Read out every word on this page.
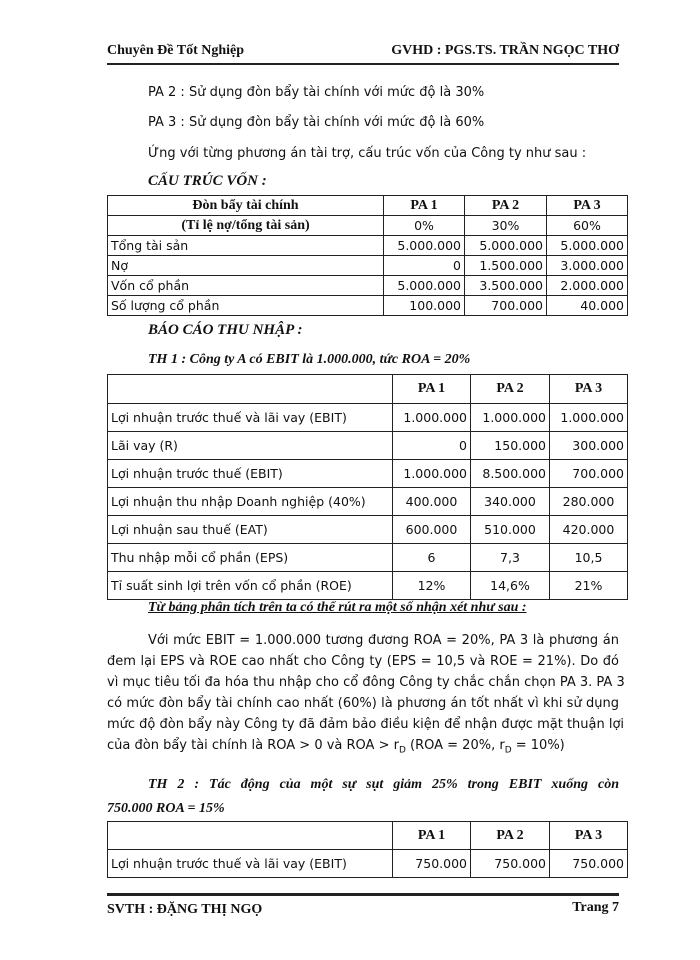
Chuyên Đề Tốt Nghiệp	GVHD : PGS.TS. TRẦN NGỌC THƠ
PA 2 : Sử dụng đòn bẩy tài chính với mức độ là 30%
PA 3 : Sử dụng đòn bẩy tài chính với mức độ là 60%
Ứng với từng phương án tài trợ, cấu trúc vốn của Công ty như sau :
CẤU TRÚC VỐN :
Đòn bẩy tài chính	PA 1	PA 2	PA 3
(Tỉ lệ nợ/tổng tài sản)	0%	30%	60%
Tổng tài sản	5.000.000	5.000.000	5.000.000
Nợ	0	1.500.000	3.000.000
Vốn cổ phần	5.000.000	3.500.000	2.000.000
Số lượng cổ phần	100.000	700.000	40.000
BÁO CÁO THU NHẬP :
TH 1 : Công ty A có EBIT là 1.000.000, tức ROA = 20%
	PA 1	PA 2	PA 3
Lợi nhuận trước thuế và lãi vay (EBIT)	1.000.000	1.000.000	1.000.000
Lãi vay (R)	0	150.000	300.000
Lợi nhuận trước thuế (EBIT)	1.000.000	8.500.000	700.000
Lợi nhuận thu nhập Doanh nghiệp (40%)	400.000	340.000	280.000
Lợi nhuận sau thuế (EAT)	600.000	510.000	420.000
Thu nhập mỗi cổ phần (EPS)	6	7,3	10,5
Tỉ suất sinh lợi trên vốn cổ phần (ROE)	12%	14,6%	21%
Từ bảng phân tích trên ta có thể rút ra một số nhận xét như sau :
Với mức EBIT = 1.000.000 tương đương ROA = 20%, PA 3 là phương án
đem lại EPS và ROE cao nhất cho Công ty (EPS = 10,5 và ROE = 21%). Do đó
vì mục tiêu tối đa hóa thu nhập cho cổ đông Công ty chắc chắn chọn PA 3. PA 3
có mức đòn bẩy tài chính cao nhất (60%) là phương án tốt nhất vì khi sử dụng
mức độ đòn bẩy này Công ty đã đảm bảo điều kiện để nhận được mặt thuận lợi
của đòn bẩy tài chính là ROA > 0 và ROA > $r_D$ (ROA = 20%, $r_D = 10\%$)
TH 2 : Tác động của một sự sụt giảm 25% trong EBIT xuống còn
750.000 ROA = 15%
	PA 1	PA 2	PA 3
Lợi nhuận trước thuế và lãi vay (EBIT)	750.000	750.000	750.000
SVTH : ĐẶNG THỊ NGỌ	Trang 7
